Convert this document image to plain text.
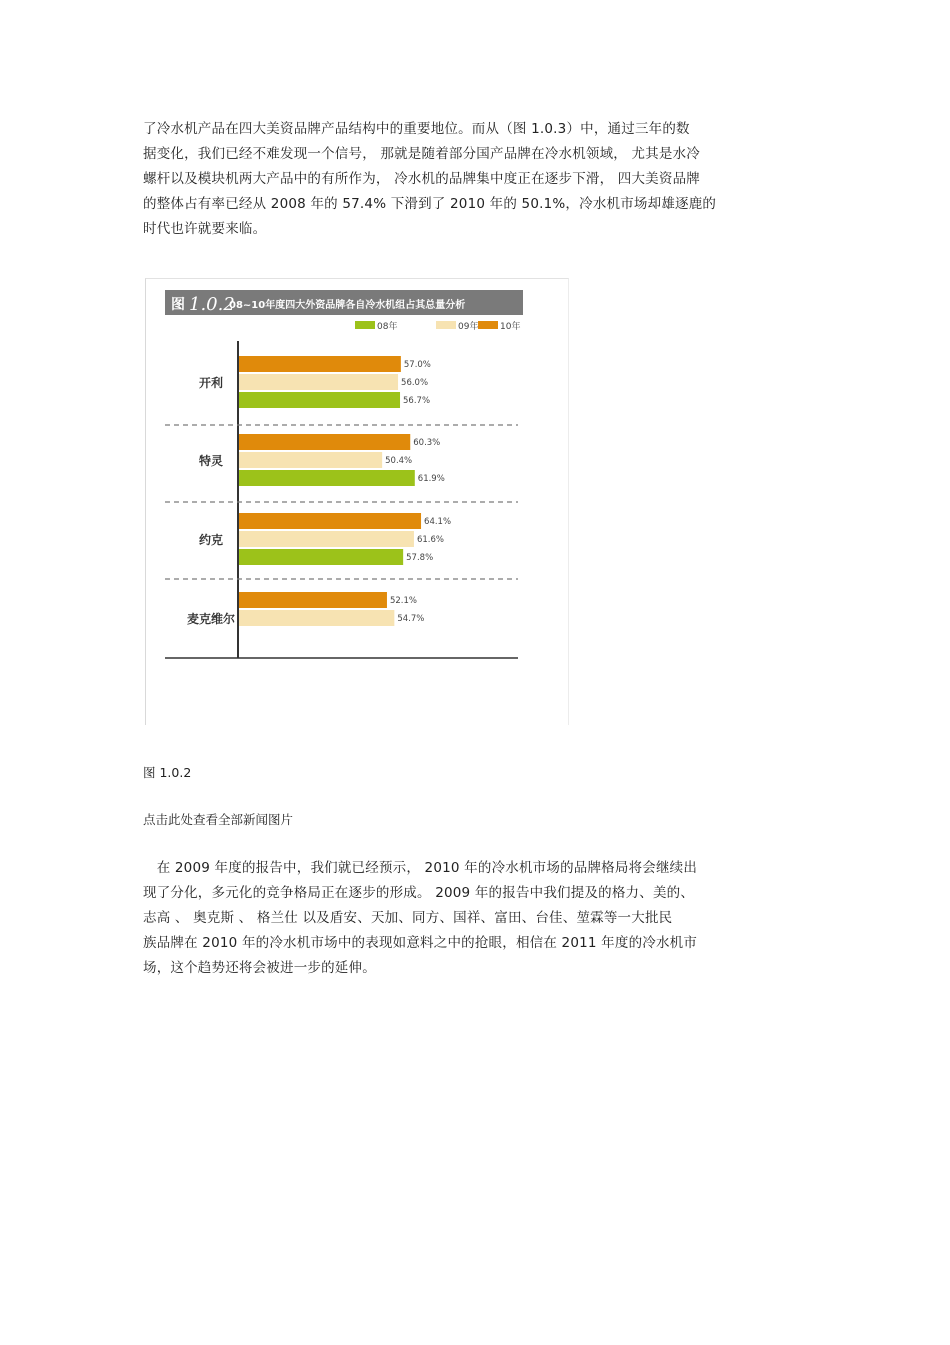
了冷水机产品在四大美资品牌产品结构中的重要地位。而从（图 1.0.3）中，通过三年的数

据变化，我们已经不难发现一个信号， 那就是随着部分国产品牌在冷水机领域， 尤其是水冷

螺杆以及模块机两大产品中的有所作为， 冷水机的品牌集中度正在逐步下滑， 四大美资品牌

的整体占有率已经从 2008 年的 57.4% 下滑到了 2010 年的 50.1%，冷水机市场却雄逐鹿的

时代也许就要来临。

图 1.0.2
08~10年度四大外资品牌各自冷水机组占其总量分析
08年	09年 10年
开利
57.0%
56.0%
56.7%
特灵
60.3%
50.4%
61.9%
约克
64.1%
61.6%
57.8%
麦克维尔
52.1%
54.7%
图 1.0.2
点击此处查看全部新闻图片

　在 2009 年度的报告中，我们就已经预示， 2010 年的冷水机市场的品牌格局将会继续出

现了分化，多元化的竞争格局正在逐步的形成。 2009 年的报告中我们提及的格力、美的、

志高 、 奥克斯 、 格兰仕 以及盾安、天加、同方、国祥、富田、台佳、堃霖等一大批民

族品牌在 2010 年的冷水机市场中的表现如意料之中的抢眼，相信在 2011 年度的冷水机市

场，这个趋势还将会被进一步的延伸。
